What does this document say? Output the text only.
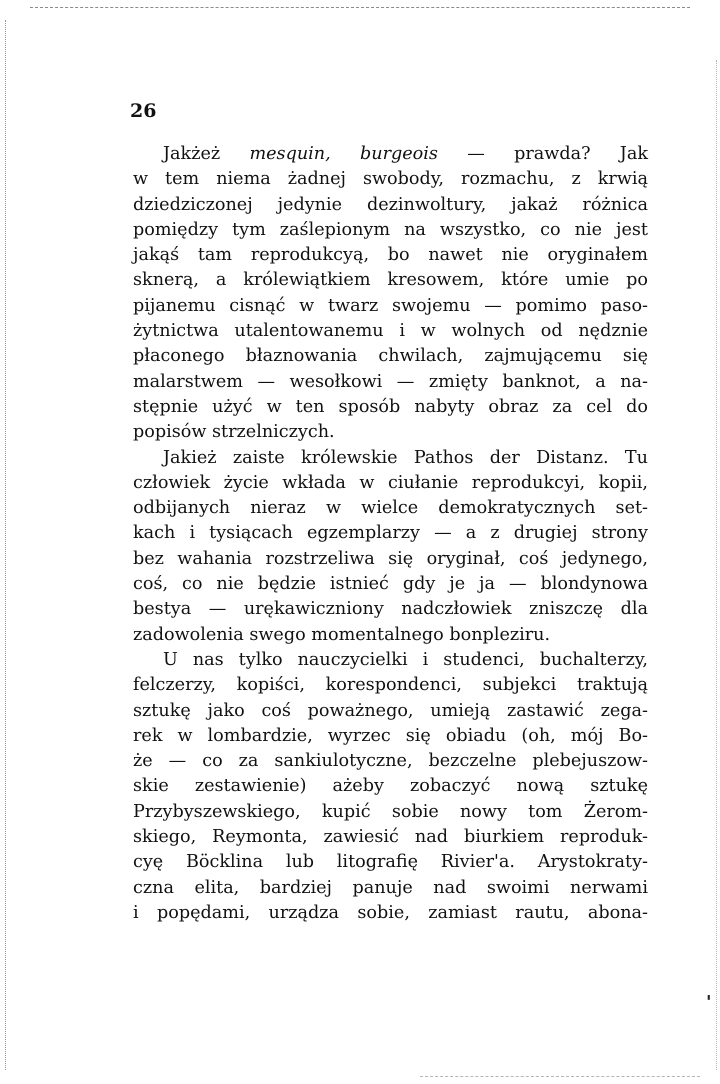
26
Jakżeż mesquin, burgeois — prawda? Jak
w tem niema żadnej swobody, rozmachu, z krwią
dziedziczonej jedynie dezinwoltury, jakaż różnica
pomiędzy tym zaślepionym na wszystko, co nie jest
jakąś tam reprodukcyą, bo nawet nie oryginałem
sknerą, a królewiątkiem kresowem, które umie po
pijanemu cisnąć w twarz swojemu — pomimo paso-
żytnictwa utalentowanemu i w wolnych od nędznie
płaconego błaznowania chwilach, zajmującemu się
malarstwem — wesołkowi — zmięty banknot, a na-
stępnie użyć w ten sposób nabyty obraz za cel do
popisów strzelniczych.
Jakież zaiste królewskie Pathos der Distanz. Tu
człowiek życie wkłada w ciułanie reprodukcyi, kopii,
odbijanych nieraz w wielce demokratycznych set-
kach i tysiącach egzemplarzy — a z drugiej strony
bez wahania rozstrzeliwa się oryginał, coś jedynego,
coś, co nie będzie istnieć gdy je ja — blondynowa
bestya — urękawiczniony nadczłowiek zniszczę dla
zadowolenia swego momentalnego bonpleziru.
U nas tylko nauczycielki i studenci, buchalterzy,
felczerzy, kopiści, korespondenci, subjekci traktują
sztukę jako coś poważnego, umieją zastawić zega-
rek w lombardzie, wyrzec się obiadu (oh, mój Bo-
że — co za sankiulotyczne, bezczelne plebejuszow-
skie zestawienie) ażeby zobaczyć nową sztukę
Przybyszewskiego, kupić sobie nowy tom Żerom-
skiego, Reymonta, zawiesić nad biurkiem reproduk-
cyę Böcklina lub litografię Rivier'a. Arystokraty-
czna elita, bardziej panuje nad swoimi nerwami
i popędami, urządza sobie, zamiast rautu, abona-
'
